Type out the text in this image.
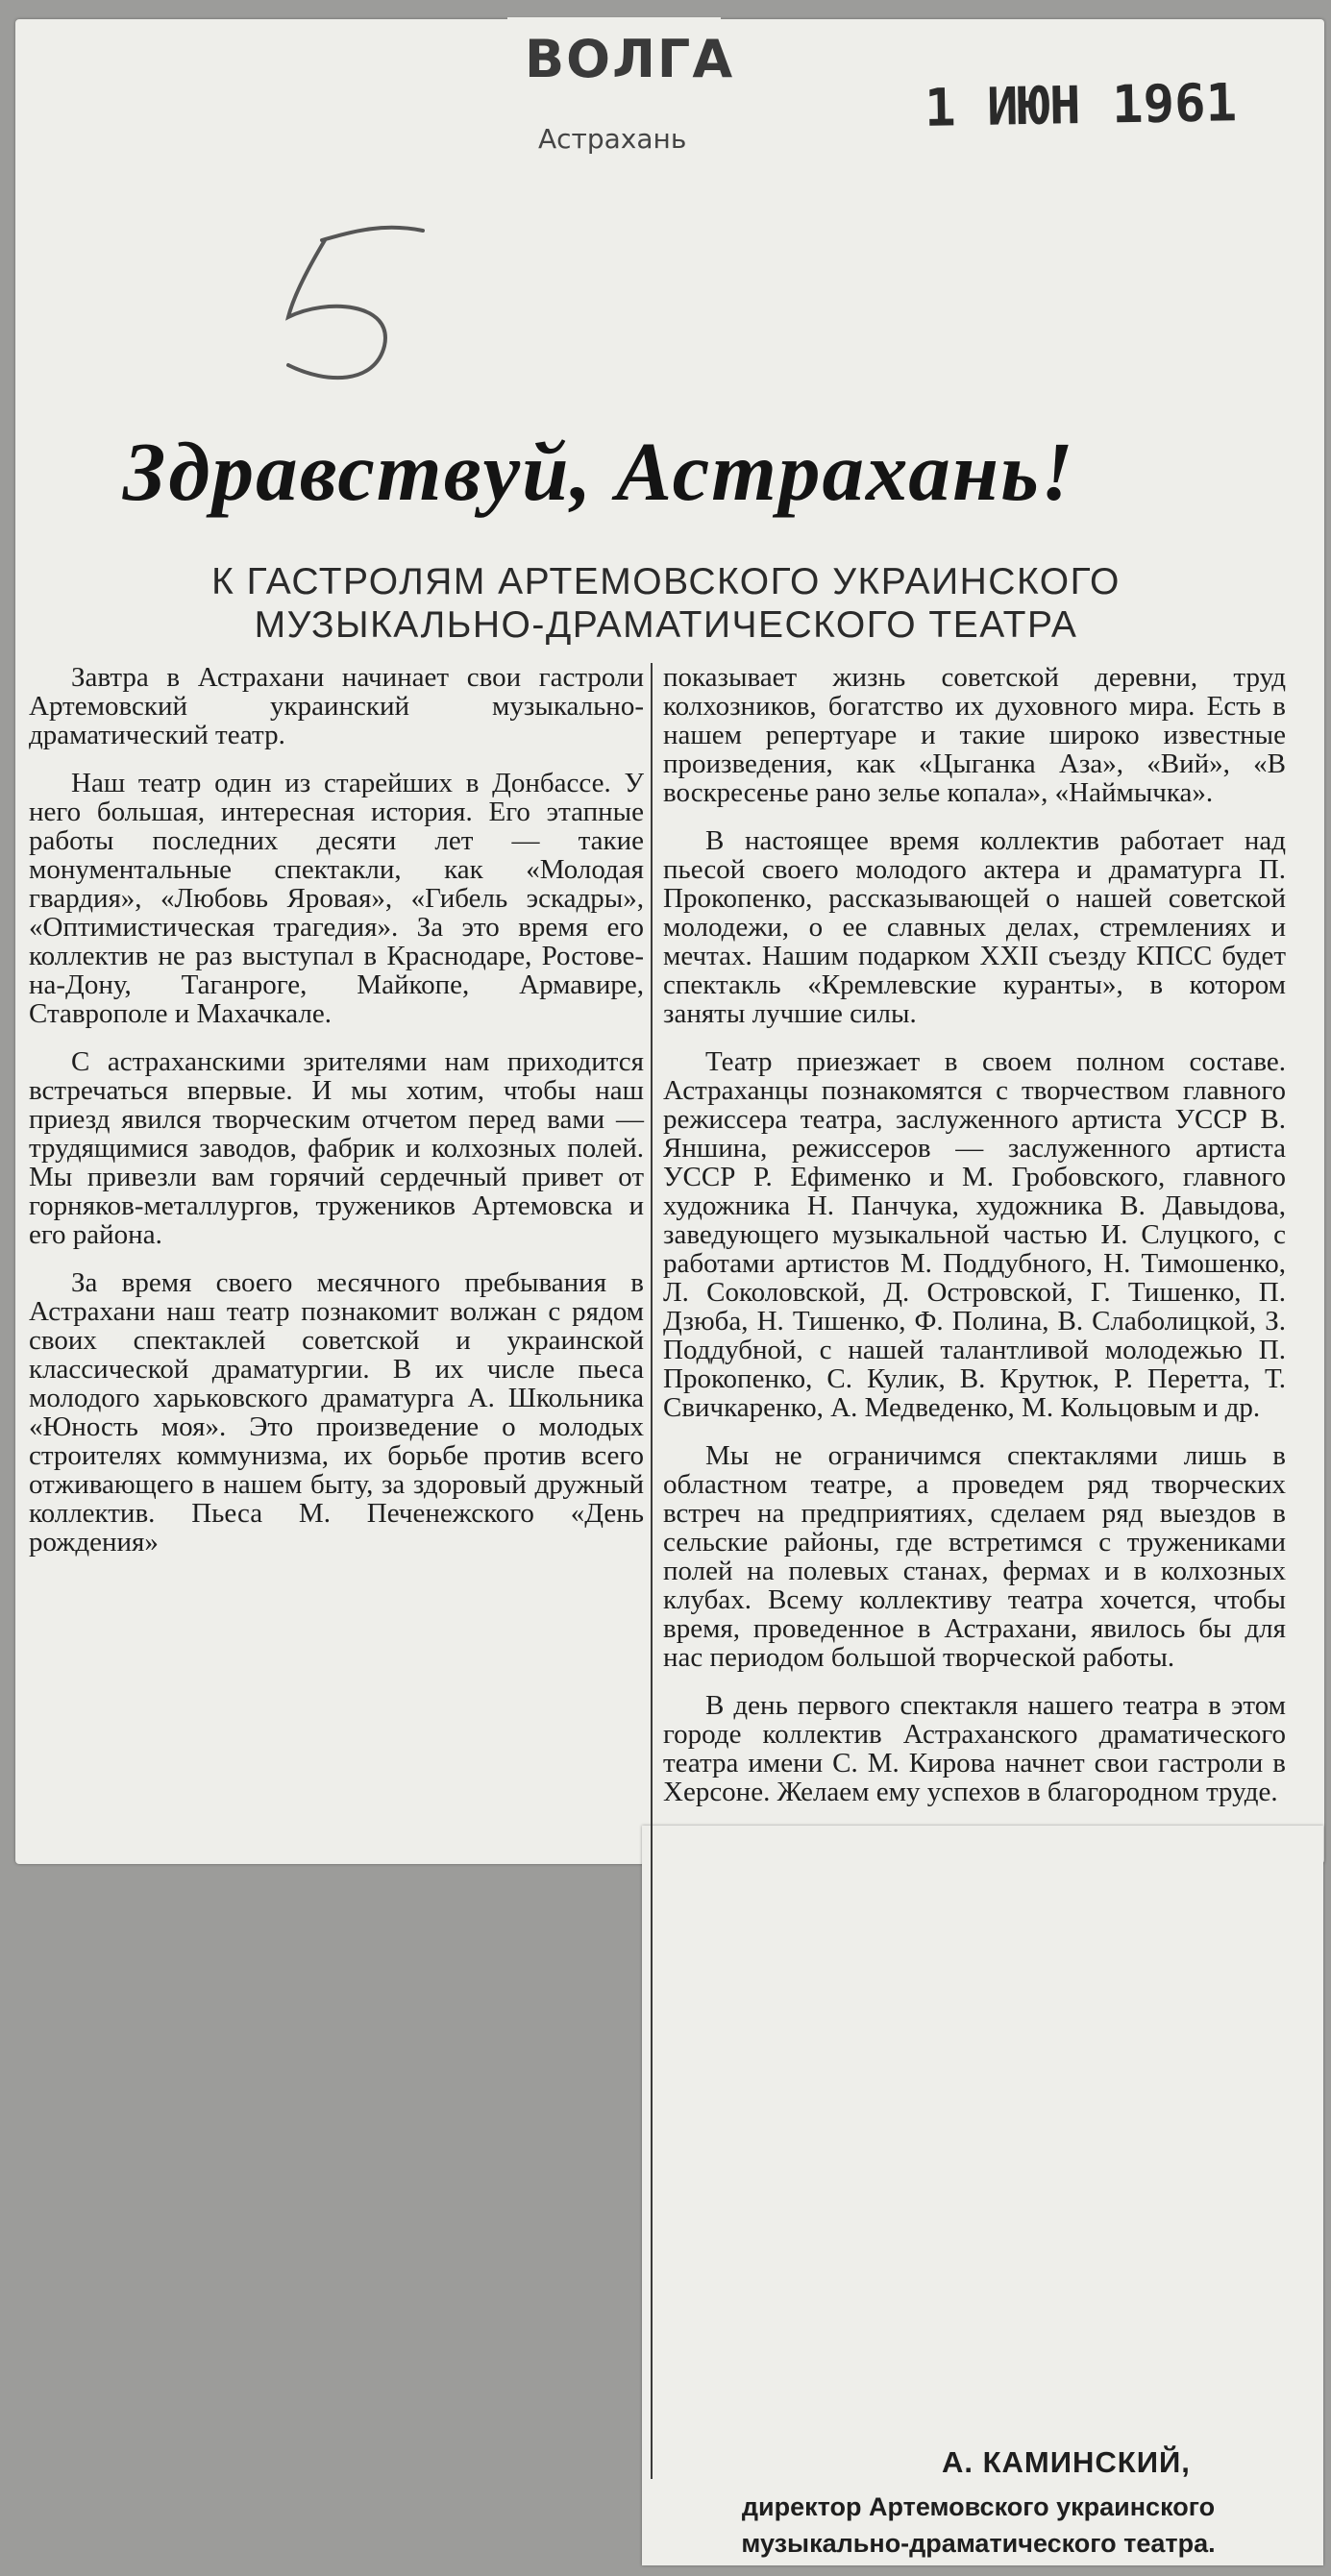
ВОЛГА
Астрахань
1 ИЮН 1961
Здравствуй, Астрахань!
К ГАСТРОЛЯМ АРТЕМОВСКОГО УКРАИНСКОГО
МУЗЫКАЛЬНО-ДРАМАТИЧЕСКОГО ТЕАТРА

Завтра в Астрахани начинает свои гастроли Артемовский украинский музыкально-драматический театр.

Наш театр один из старейших в Донбассе. У него большая, интересная история. Его этапные работы последних десяти лет — такие монументальные спектакли, как «Молодая гвардия», «Любовь Яровая», «Гибель эскадры», «Оптимистическая трагедия». За это время его коллектив не раз выступал в Краснодаре, Ростове-на-Дону, Таганроге, Майкопе, Армавире, Ставрополе и Махачкале.

С астраханскими зрителями нам приходится встречаться впервые. И мы хотим, чтобы наш приезд явился творческим отчетом перед вами — трудящимися заводов, фабрик и колхозных полей. Мы привезли вам горячий сердечный привет от горняков-металлургов, тружеников Артемовска и его района.

За время своего месячного пребывания в Астрахани наш театр познакомит волжан с рядом своих спектаклей советской и украинской классической драматургии. В их числе пьеса молодого харьковского драматурга А. Школьника «Юность моя». Это произведение о молодых строителях коммунизма, их борьбе против всего отживающего в нашем быту, за здоровый дружный коллектив. Пьеса М. Печенежского «День рождения»

показывает жизнь советской деревни, труд колхозников, богатство их духовного мира. Есть в нашем репертуаре и такие широко известные произведения, как «Цыганка Аза», «Вий», «В воскресенье рано зелье копала», «Наймычка».

В настоящее время коллектив работает над пьесой своего молодого актера и драматурга П. Прокопенко, рассказывающей о нашей советской молодежи, о ее славных делах, стремлениях и мечтах. Нашим подарком XXII съезду КПСС будет спектакль «Кремлевские куранты», в котором заняты лучшие силы.

Театр приезжает в своем полном составе. Астраханцы познакомятся с творчеством главного режиссера театра, заслуженного артиста УССР В. Яншина, режиссеров — заслуженного артиста УССР Р. Ефименко и М. Гробовского, главного художника Н. Панчука, художника В. Давыдова, заведующего музыкальной частью И. Слуцкого, с работами артистов М. Поддубного, Н. Тимошенко, Л. Соколовской, Д. Островской, Г. Тишенко, П. Дзюба, Н. Тишенко, Ф. Полина, В. Слаболицкой, З. Поддубной, с нашей талантливой молодежью П. Прокопенко, С. Кулик, В. Крутюк, Р. Перетта, Т. Свичкаренко, А. Медведенко, М. Кольцовым и др.

Мы не ограничимся спектаклями лишь в областном театре, а проведем ряд творческих встреч на предприятиях, сделаем ряд выездов в сельские районы, где встретимся с тружениками полей на полевых станах, фермах и в колхозных клубах. Всему коллективу театра хочется, чтобы время, проведенное в Астрахани, явилось бы для нас периодом большой творческой работы.

В день первого спектакля нашего театра в этом городе коллектив Астраханского драматического театра имени С. М. Кирова начнет свои гастроли в Херсоне. Желаем ему успехов в благородном труде.

А. КАМИНСКИЙ,
директор Артемовского украинского
музыкально-драматического театра.
